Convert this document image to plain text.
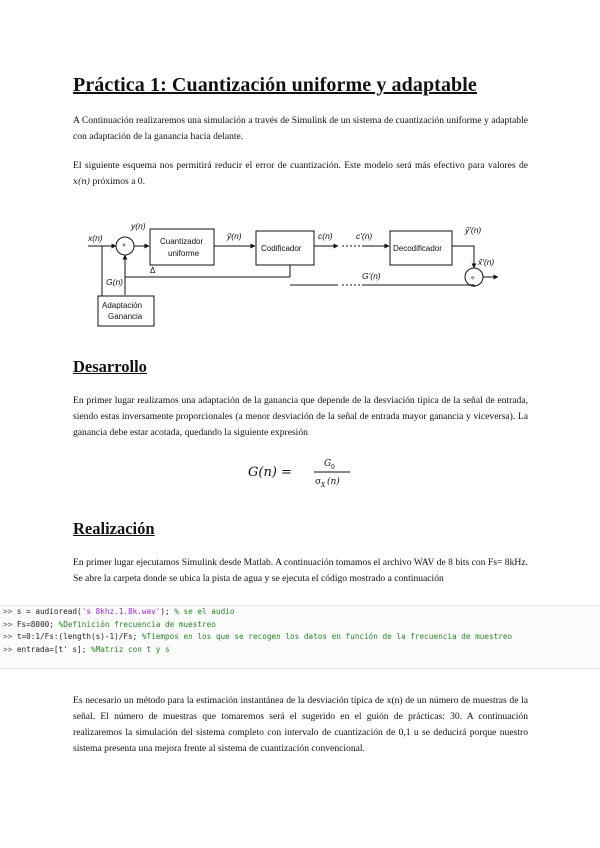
Práctica 1: Cuantización uniforme y adaptable

A Continuación realizaremos una simulación a través de Simulink de un sistema de cuantización uniforme y adaptable con adaptación de la ganancia hacia delante.

El siguiente esquema nos permitirá reducir el error de cuantización. Este modelo será más efectivo para valores de x(n) próximos a 0.

x(n)
*
y(n)
Cuantizador
uniforme
ŷ(n)
Codificador
c(n)	c'(n)
Decodificador
ŷ'(n)
÷
x̂'(n)
G(n)
Δ
G'(n)
Adaptación
Ganancia
Desarrollo

En primer lugar realizamos una adaptación de la ganancia que depende de la desviación típica de la señal de entrada, siendo estas inversamente proporcionales (a menor desviación de la señal de entrada mayor ganancia y viceversa). La ganancia debe estar acotada, quedando la siguiente expresión

G(n) =
G 0
σ X (n)
Realización

En primer lugar ejecutamos Simulink desde Matlab. A continuación tomamos el archivo WAV de 8 bits con Fs= 8kHz. Se abre la carpeta donde se ubica la pista de agua y se ejecuta el código mostrado a continuación

>> s = audioread('s 8khz.1.8k.wav'); % se el audio
>> Fs=8000; %Definición frecuencia de muestreo
>> t=0:1/Fs:(length(s)-1)/Fs; %Tiempos en los que se recogen los datos en función de la frecuencia de muestreo
>> entrada=[t' s]; %Matriz con t y s

Es necesario un método para la estimación instantánea de la desviación típica de x(n) de un número de muestras de la señal. El número de muestras que tomaremos será el sugerido en el guión de prácticas: 30. A continuación realizaremos la simulación del sistema completo con intervalo de cuantización de 0,1 u se deducirá porque nuestro sistema presenta una mejora frente al sistema de cuantización convencional.
